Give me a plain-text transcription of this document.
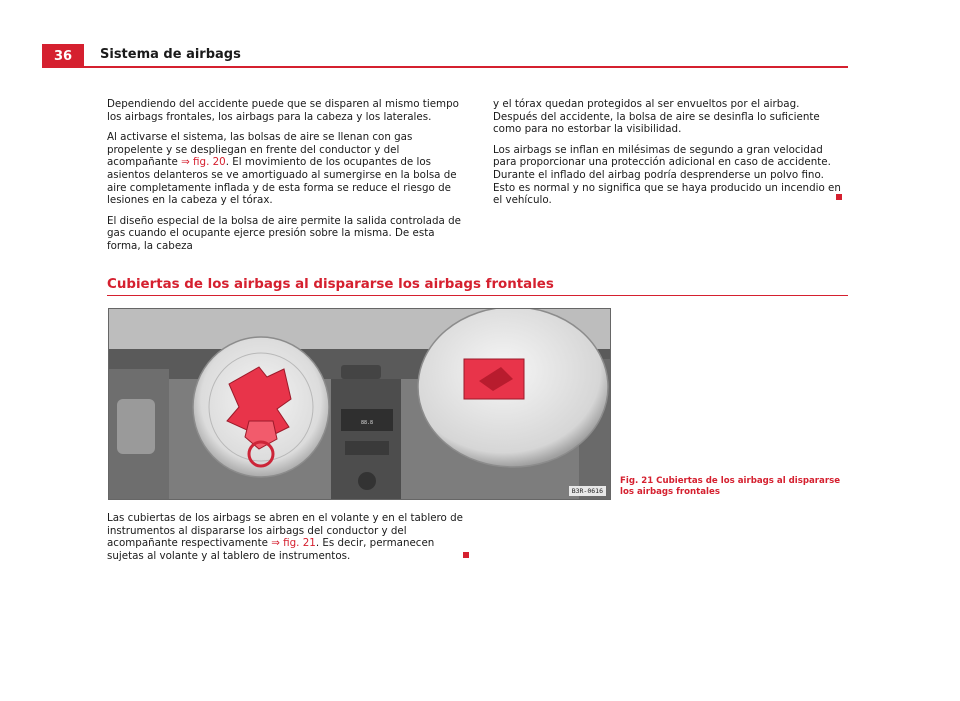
36	Sistema de airbags

Dependiendo del accidente puede que se disparen al mismo tiempo los airbags frontales, los airbags para la cabeza y los laterales.

Al activarse el sistema, las bolsas de aire se llenan con gas propelente y se despliegan en frente del conductor y del acompañante ⇒ fig. 20. El movimiento de los ocupantes de los asientos delanteros se ve amortiguado al sumergirse en la bolsa de aire completamente inflada y de esta forma se reduce el riesgo de lesiones en la cabeza y el tórax.

El diseño especial de la bolsa de aire permite la salida controlada de gas cuando el ocupante ejerce presión sobre la misma. De esta forma, la cabeza

y el tórax quedan protegidos al ser envueltos por el airbag. Después del accidente, la bolsa de aire se desinfla lo suficiente como para no estorbar la visibilidad.

Los airbags se inflan en milésimas de segundo a gran velocidad para proporcionar una protección adicional en caso de accidente. Durante el inflado del airbag podría desprenderse un polvo fino. Esto es normal y no significa que se haya producido un incendio en el vehículo.

Cubiertas de los airbags al dispararse los airbags frontales
88.8
B3R-0616
Fig. 21 Cubiertas de los airbags al dispararse los airbags frontales

Las cubiertas de los airbags se abren en el volante y en el tablero de instrumentos al dispararse los airbags del conductor y del acompañante respectivamente ⇒ fig. 21. Es decir, permanecen sujetas al volante y al tablero de instrumentos.
